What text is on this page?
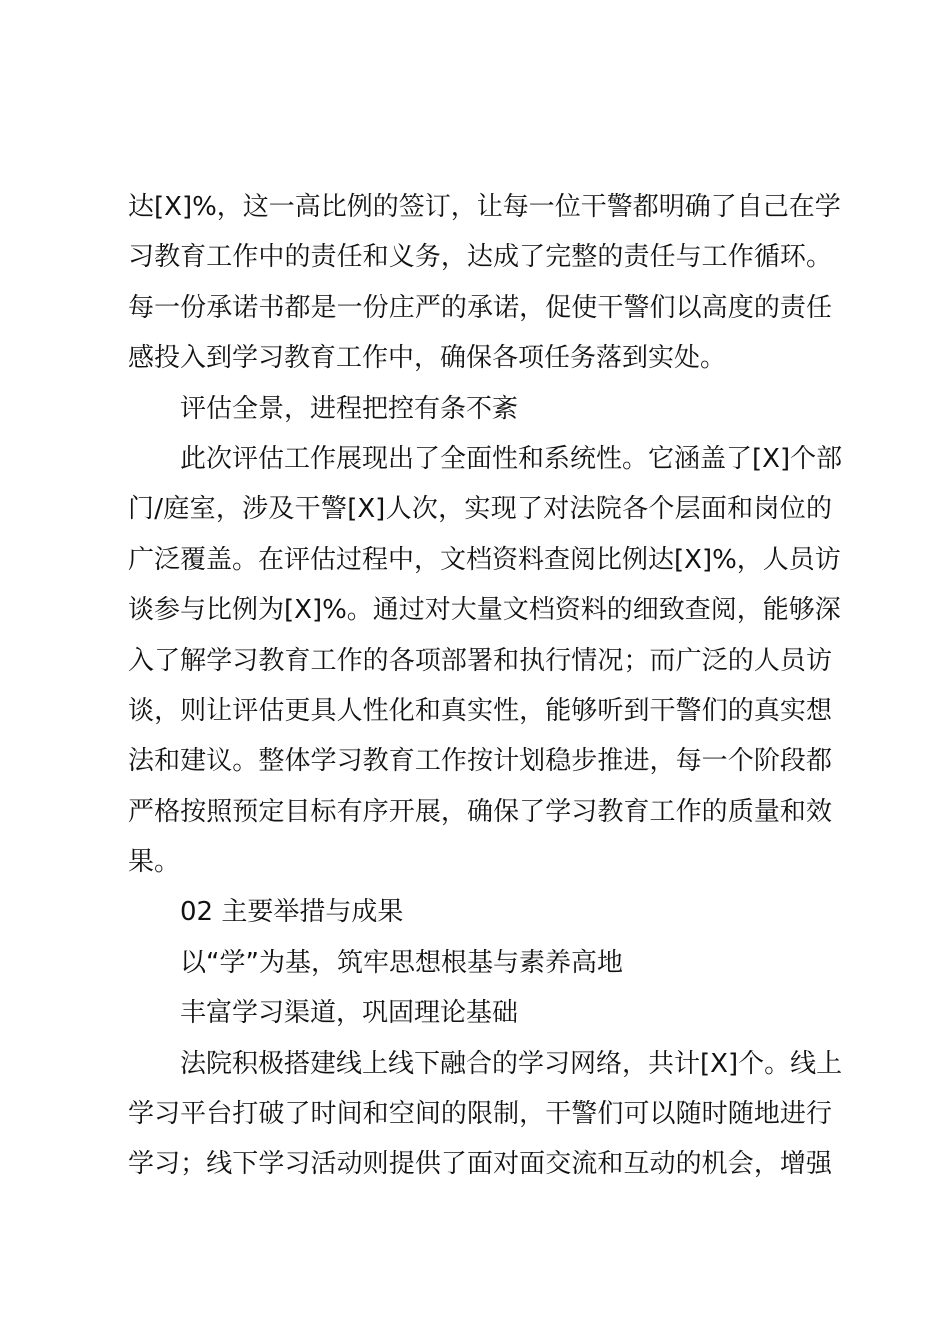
达[X]%，这一高比例的签订，让每一位干警都明确了自己在学
习教育工作中的责任和义务，达成了完整的责任与工作循环。
每一份承诺书都是一份庄严的承诺，促使干警们以高度的责任
感投入到学习教育工作中，确保各项任务落到实处。
评估全景，进程把控有条不紊
此次评估工作展现出了全面性和系统性。它涵盖了[X]个部
门/庭室，涉及干警[X]人次，实现了对法院各个层面和岗位的
广泛覆盖。在评估过程中，文档资料查阅比例达[X]%，人员访
谈参与比例为[X]%。通过对大量文档资料的细致查阅，能够深
入了解学习教育工作的各项部署和执行情况；而广泛的人员访
谈，则让评估更具人性化和真实性，能够听到干警们的真实想
法和建议。整体学习教育工作按计划稳步推进，每一个阶段都
严格按照预定目标有序开展，确保了学习教育工作的质量和效
果。
02 主要举措与成果
以“学”为基，筑牢思想根基与素养高地
丰富学习渠道，巩固理论基础
法院积极搭建线上线下融合的学习网络，共计[X]个。线上
学习平台打破了时间和空间的限制，干警们可以随时随地进行
学习；线下学习活动则提供了面对面交流和互动的机会，增强
